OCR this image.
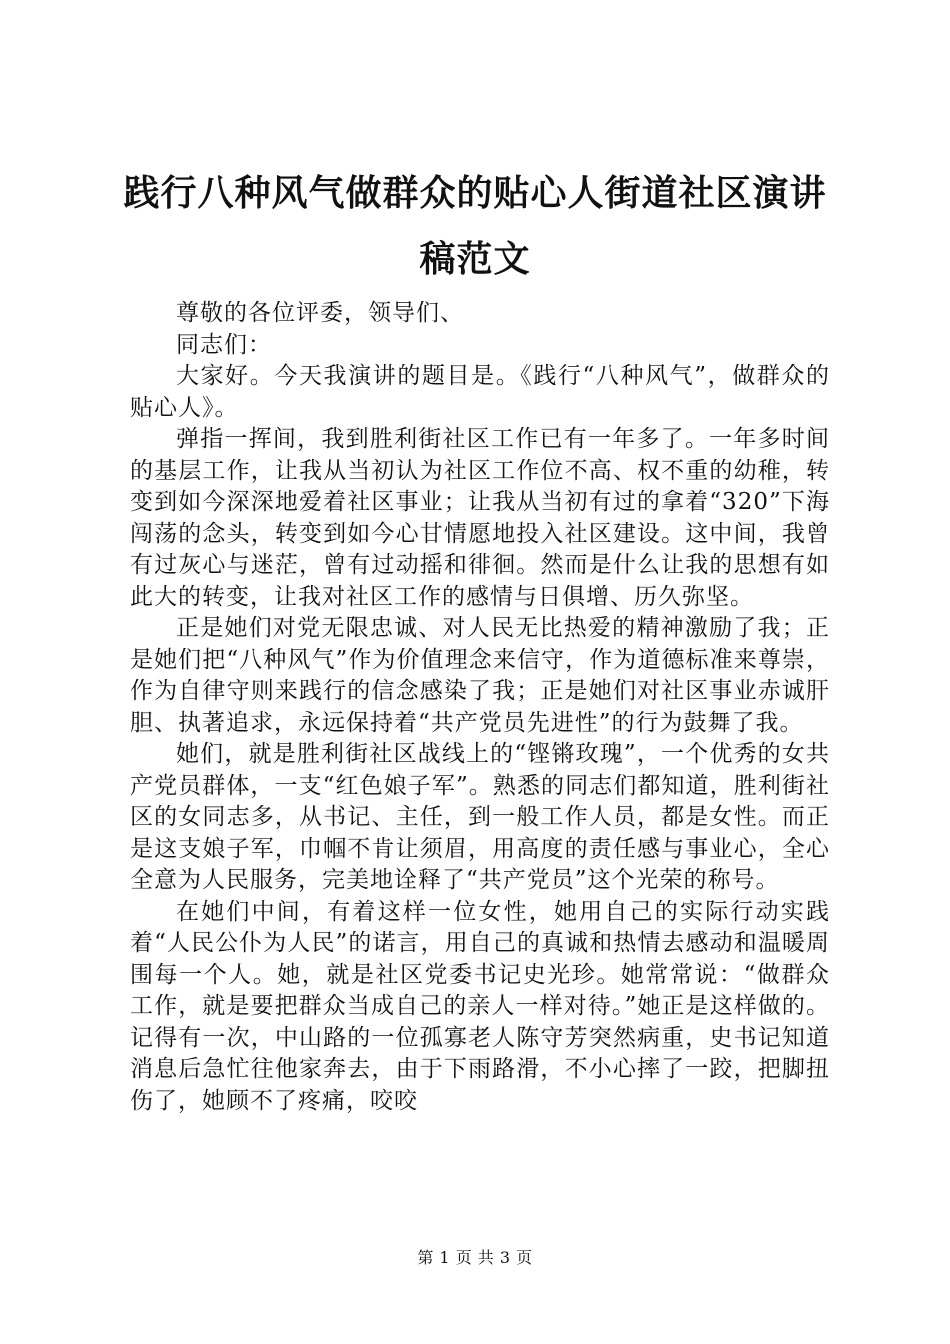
践行八种风气做群众的贴心人街道社区演讲稿范文

尊敬的各位评委，领导们、

同志们：

大家好。今天我演讲的题目是。《践行“八种风气”，做群众的贴心人》。

弹指一挥间，我到胜利街社区工作已有一年多了。一年多时间的基层工作，让我从当初认为社区工作位不高、权不重的幼稚，转变到如今深深地爱着社区事业；让我从当初有过的拿着“320”下海闯荡的念头，转变到如今心甘情愿地投入社区建设。这中间，我曾有过灰心与迷茫，曾有过动摇和徘徊。然而是什么让我的思想有如此大的转变，让我对社区工作的感情与日俱增、历久弥坚。

正是她们对党无限忠诚、对人民无比热爱的精神激励了我；正是她们把“八种风气”作为价值理念来信守，作为道德标准来尊崇，作为自律守则来践行的信念感染了我；正是她们对社区事业赤诚肝胆、执著追求，永远保持着“共产党员先进性”的行为鼓舞了我。

她们，就是胜利街社区战线上的“铿锵玫瑰”，一个优秀的女共产党员群体，一支“红色娘子军”。熟悉的同志们都知道，胜利街社区的女同志多，从书记、主任，到一般工作人员，都是女性。而正是这支娘子军，巾帼不肯让须眉，用高度的责任感与事业心，全心全意为人民服务，完美地诠释了“共产党员”这个光荣的称号。

在她们中间，有着这样一位女性，她用自己的实际行动实践着“人民公仆为人民”的诺言，用自己的真诚和热情去感动和温暖周围每一个人。她，就是社区党委书记史光珍。她常常说：“做群众工作，就是要把群众当成自己的亲人一样对待。”她正是这样做的。记得有一次，中山路的一位孤寡老人陈守芳突然病重，史书记知道消息后急忙往他家奔去，由于下雨路滑，不小心摔了一跤，把脚扭伤了，她顾不了疼痛，咬咬

第 1 页 共 3 页
